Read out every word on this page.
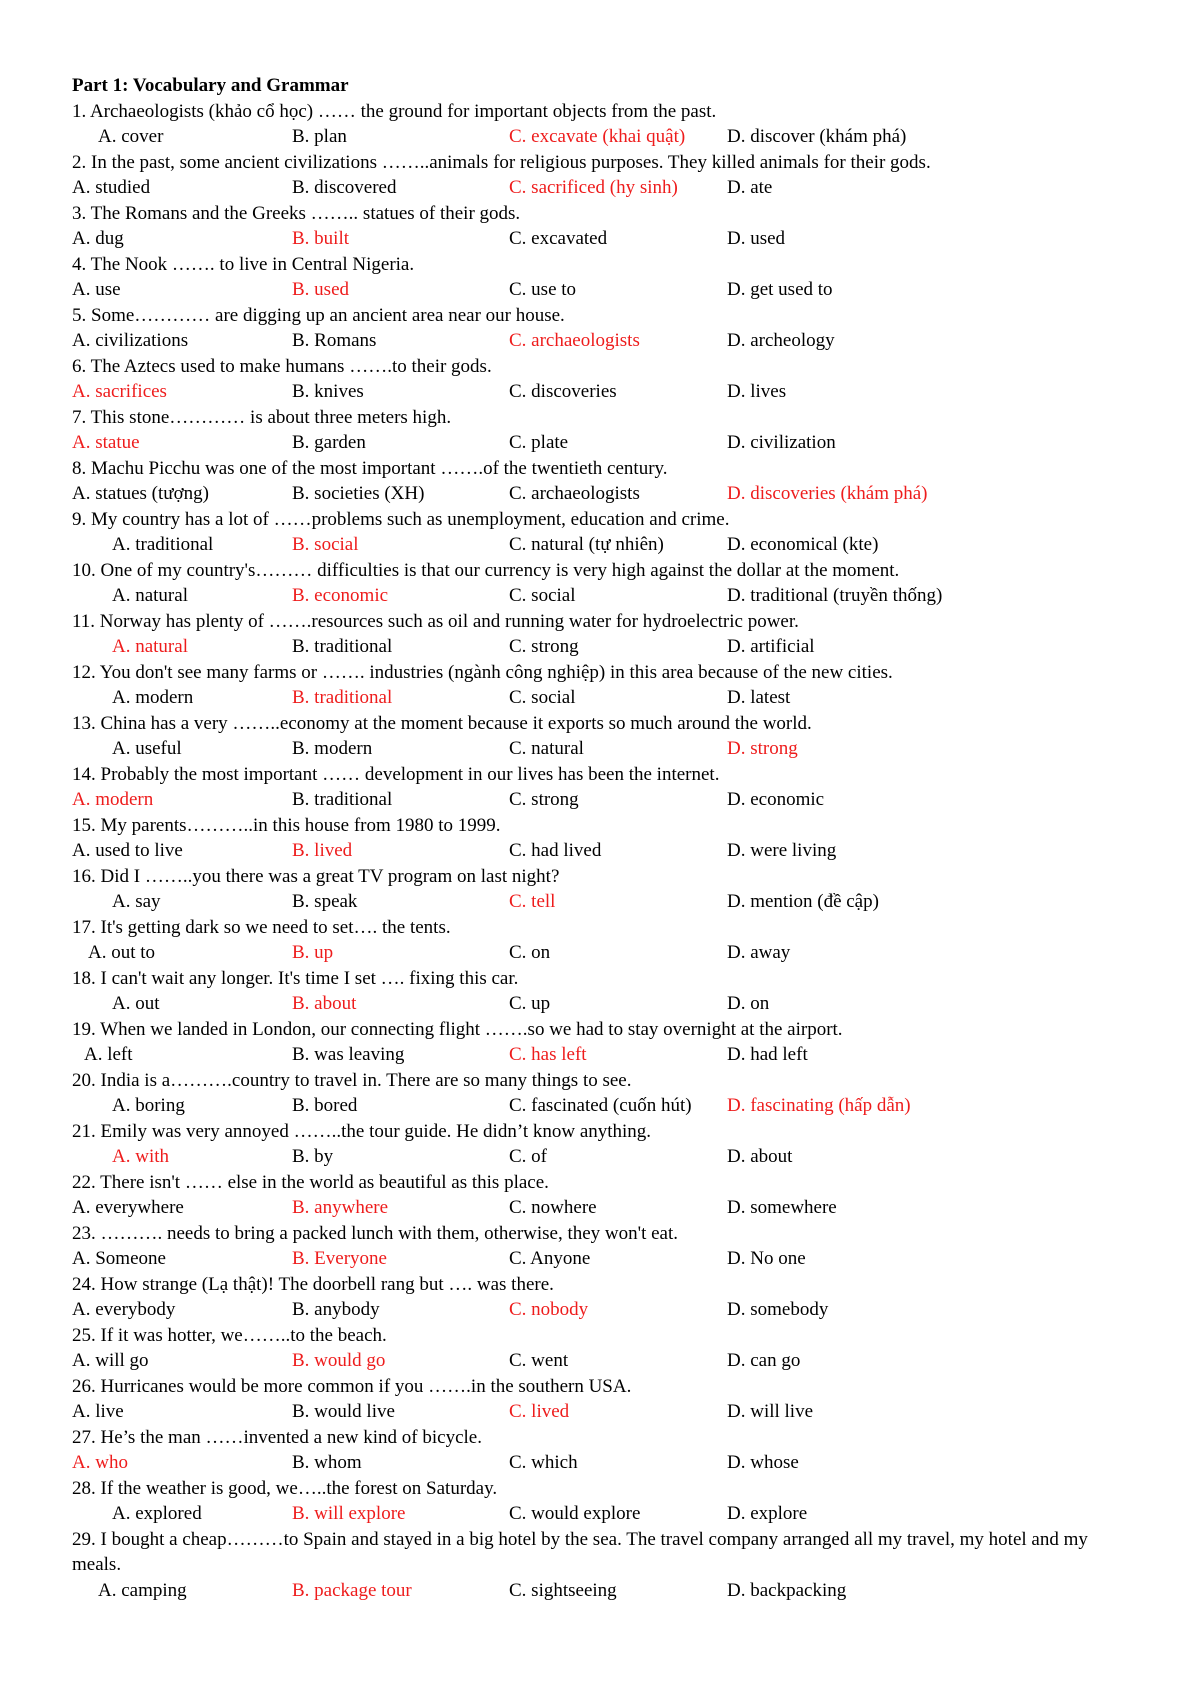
Part 1: Vocabulary and Grammar
1. Archaeologists (khảo cổ học) …… the ground for important objects from the past.
A. cover	B. plan	C. excavate (khai quật) D. discover (khám phá)
2. In the past, some ancient civilizations ……..animals for religious purposes. They killed animals for their gods.
A. studied	B. discovered	C. sacrificed (hy sinh)	D. ate
3. The Romans and the Greeks …….. statues of their gods.
A. dug	B. built	C. excavated	D. used
4. The Nook ……. to live in Central Nigeria.
A. use	B. used	C. use to	D. get used to
5. Some………… are digging up an ancient area near our house.
A. civilizations	B. Romans	C. archaeologists	D. archeology
6. The Aztecs used to make humans …….to their gods.
A. sacrifices	B. knives	C. discoveries	D. lives
7. This stone………… is about three meters high.
A. statue	B. garden	C. plate	D. civilization
8. Machu Picchu was one of the most important …….of the twentieth century.
A. statues (tượng)	B. societies (XH)	C. archaeologists	D. discoveries (khám phá)
9. My country has a lot of ……problems such as unemployment, education and crime.
A. traditional	B. social	C. natural (tự nhiên)	D. economical (kte)
10. One of my country's……… difficulties is that our currency is very high against the dollar at the moment.
A. natural	B. economic	C. social	D. traditional (truyền thống)
11. Norway has plenty of …….resources such as oil and running water for hydroelectric power.
A. natural	B. traditional	C. strong	D. artificial
12. You don't see many farms or ……. industries (ngành công nghiệp) in this area because of the new cities.
A. modern	B. traditional	C. social	D. latest
13. China has a very ……..economy at the moment because it exports so much around the world.
A. useful	B. modern	C. natural	D. strong
14. Probably the most important …… development in our lives has been the internet.
A. modern	B. traditional	C. strong	D. economic
15. My parents………..in this house from 1980 to 1999.
A. used to live	B. lived	C. had lived	D. were living
16. Did I ……..you there was a great TV program on last night?
A. say	B. speak	C. tell	D. mention (đề cập)
17. It's getting dark so we need to set…. the tents.
A. out to	B. up	C. on	D. away
18. I can't wait any longer. It's time I set …. fixing this car.
A. out	B. about	C. up	D. on
19. When we landed in London, our connecting flight …….so we had to stay overnight at the airport.
A. left	B. was leaving	C. has left	D. had left
20. India is a……….country to travel in. There are so many things to see.
A. boring	B. bored	C. fascinated (cuốn hút) D. fascinating (hấp dẫn)
21. Emily was very annoyed ……..the tour guide. He didn’t know anything.
A. with	B. by	C. of	D. about
22. There isn't …… else in the world as beautiful as this place.
A. everywhere	B. anywhere	C. nowhere	D. somewhere
23. ………. needs to bring a packed lunch with them, otherwise, they won't eat.
A. Someone	B. Everyone	C. Anyone	D. No one
24. How strange (Lạ thật)! The doorbell rang but …. was there.
A. everybody	B. anybody	C. nobody	D. somebody
25. If it was hotter, we……..to the beach.
A. will go	B. would go	C. went	D. can go
26. Hurricanes would be more common if you …….in the southern USA.
A. live	B. would live	C. lived	D. will live
27. He’s the man ……invented a new kind of bicycle.
A. who	B. whom	C. which	D. whose
28. If the weather is good, we…..the forest on Saturday.
A. explored	B. will explore	C. would explore	D. explore
29. I bought a cheap………to Spain and stayed in a big hotel by the sea. The travel company arranged all my travel, my hotel and my meals.
A. camping	B. package tour	C. sightseeing	D. backpacking
